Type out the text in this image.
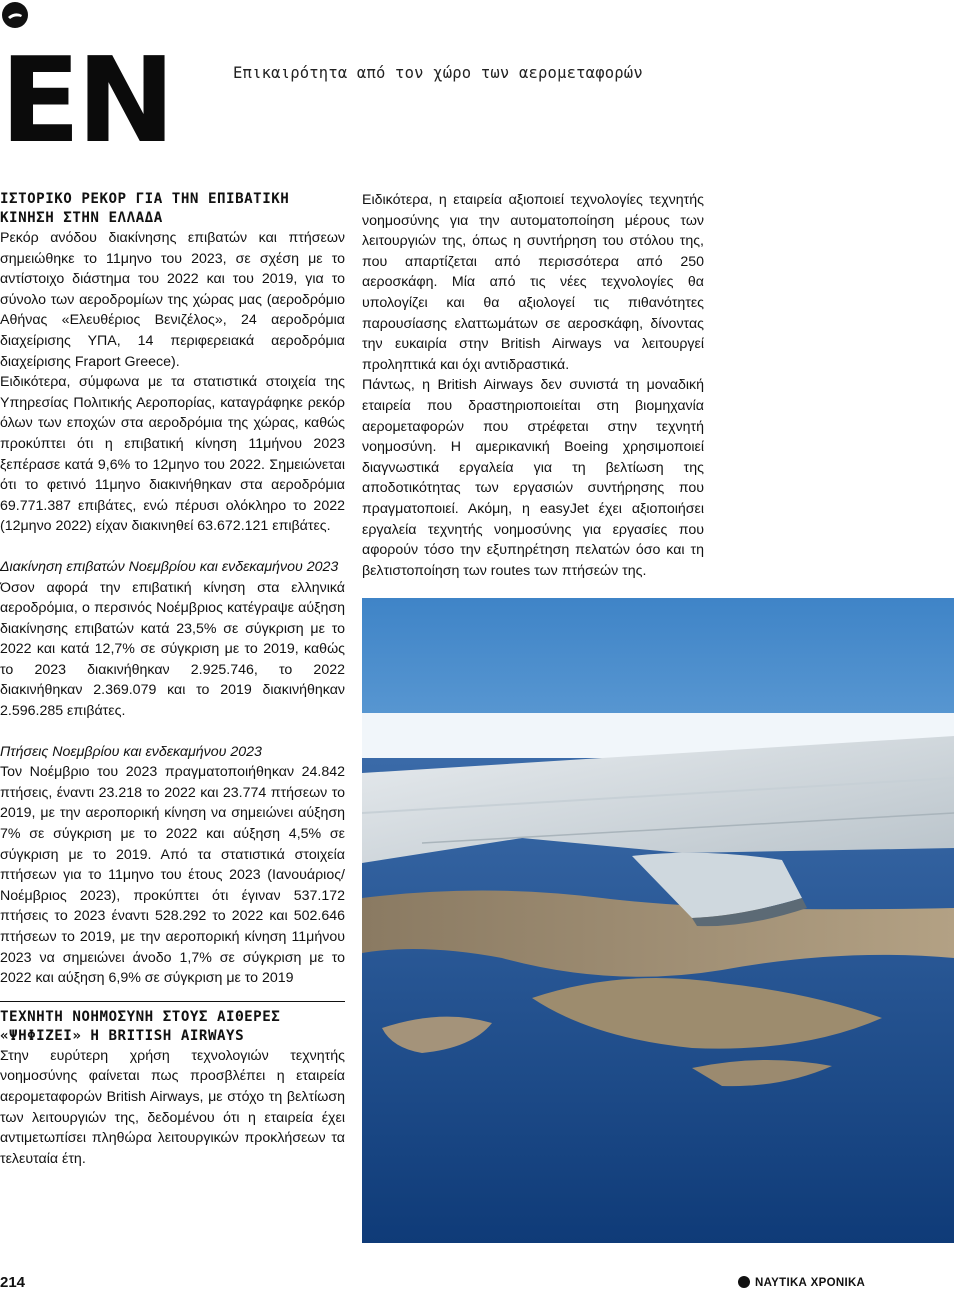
ΕΝ	Επικαιρότητα από τον χώρο των αερομεταφορών
ΙΣΤΟΡΙΚΟ ΡΕΚΟΡ ΓΙΑ ΤΗΝ ΕΠΙΒΑΤΙΚΗ ΚΙΝΗΣΗ ΣΤΗΝ ΕΛΛΑΔΑ

Ρεκόρ ανόδου διακίνησης επιβατών και πτήσεων σημειώθηκε το 11μηνο του 2023, σε σχέση με το αντίστοιχο διάστημα του 2022 και του 2019, για το σύνολο των αεροδρομίων της χώρας μας (αεροδρόμιο Αθήνας «Ελευθέριος Βενιζέλος», 24 αεροδρόμια διαχείρισης ΥΠΑ, 14 περιφερειακά αεροδρόμια διαχείρισης Fraport Greece).

Ειδικότερα, σύμφωνα με τα στατιστικά στοιχεία της Υπηρεσίας Πολιτικής Αεροπορίας, καταγράφηκε ρεκόρ όλων των εποχών στα αεροδρόμια της χώρας, καθώς προκύπτει ότι η επιβατική κίνηση 11μήνου 2023 ξεπέρασε κατά 9,6% το 12μηνο του 2022. Σημειώνεται ότι το φετινό 11μηνο διακινήθηκαν στα αεροδρόμια 69.771.387 επιβάτες, ενώ πέρυσι ολόκληρο το 2022 (12μηνο 2022) είχαν διακινηθεί 63.672.121 επιβάτες.

Διακίνηση επιβατών Νοεμβρίου και ενδεκαμήνου 2023

Όσον αφορά την επιβατική κίνηση στα ελληνικά αεροδρόμια, ο περσινός Νοέμβριος κατέγραψε αύξηση διακίνησης επιβατών κατά 23,5% σε σύγκριση με το 2022 και κατά 12,7% σε σύγκριση με το 2019, καθώς το 2023 διακινήθηκαν 2.925.746, το 2022 διακινήθηκαν 2.369.079 και το 2019 διακινήθηκαν 2.596.285 επιβάτες.

Πτήσεις Νοεμβρίου και ενδεκαμήνου 2023

Τον Νοέμβριο του 2023 πραγματοποιήθηκαν 24.842 πτήσεις, έναντι 23.218 το 2022 και 23.774 πτήσεων το 2019, με την αεροπορική κίνηση να σημειώνει αύξηση 7% σε σύγκριση με το 2022 και αύξηση 4,5% σε σύγκριση με το 2019. Από τα στατιστικά στοιχεία πτήσεων για το 11μηνο του έτους 2023 (Ιανουάριος/Νοέμβριος 2023), προκύπτει ότι έγιναν 537.172 πτήσεις το 2023 έναντι 528.292 το 2022 και 502.646 πτήσεων το 2019, με την αεροπορική κίνηση 11μήνου 2023 να σημειώνει άνοδο 1,7% σε σύγκριση με το 2022 και αύξηση 6,9% σε σύγκριση με το 2019

ΤΕΧΝΗΤΗ ΝΟΗΜΟΣΥΝΗ ΣΤΟΥΣ ΑΙΘΕΡΕΣ «ΨΗΦΙΖΕΙ» Η BRITISH AIRWAYS

Στην ευρύτερη χρήση τεχνολογιών τεχνητής νοημοσύνης φαίνεται πως προσβλέπει η εταιρεία αερομεταφορών British Airways, με στόχο τη βελτίωση των λειτουργιών της, δεδομένου ότι η εταιρεία έχει αντιμετωπίσει πληθώρα λειτουργικών προκλήσεων τα τελευταία έτη.

Ειδικότερα, η εταιρεία αξιοποιεί τεχνολογίες τεχνητής νοημοσύνης για την αυτοματοποίηση μέρους των λειτουργιών της, όπως η συντήρηση του στόλου της, που απαρτίζεται από περισσότερα από 250 αεροσκάφη. Μία από τις νέες τεχνολογίες θα υπολογίζει και θα αξιολογεί τις πιθανότητες παρουσίασης ελαττωμάτων σε αεροσκάφη, δίνοντας την ευκαιρία στην British Airways να λειτουργεί προληπτικά και όχι αντιδραστικά.

Πάντως, η British Airways δεν συνιστά τη μοναδική εταιρεία που δραστηριοποιείται στη βιομηχανία αερομεταφορών που στρέφεται στην τεχνητή νοημοσύνη. Η αμερικανική Boeing χρησιμοποιεί διαγνωστικά εργαλεία για τη βελτίωση της αποδοτικότητας των εργασιών συντήρησης που πραγματοποιεί. Ακόμη, η easyJet έχει αξιοποιήσει εργαλεία τεχνητής νοημοσύνης για εργασίες που αφορούν τόσο την εξυπηρέτηση πελατών όσο και τη βελτιστοποίηση των routes των πτήσεών της.

214	ΝΑΥΤΙΚΑ ΧΡΟΝΙΚΑ
